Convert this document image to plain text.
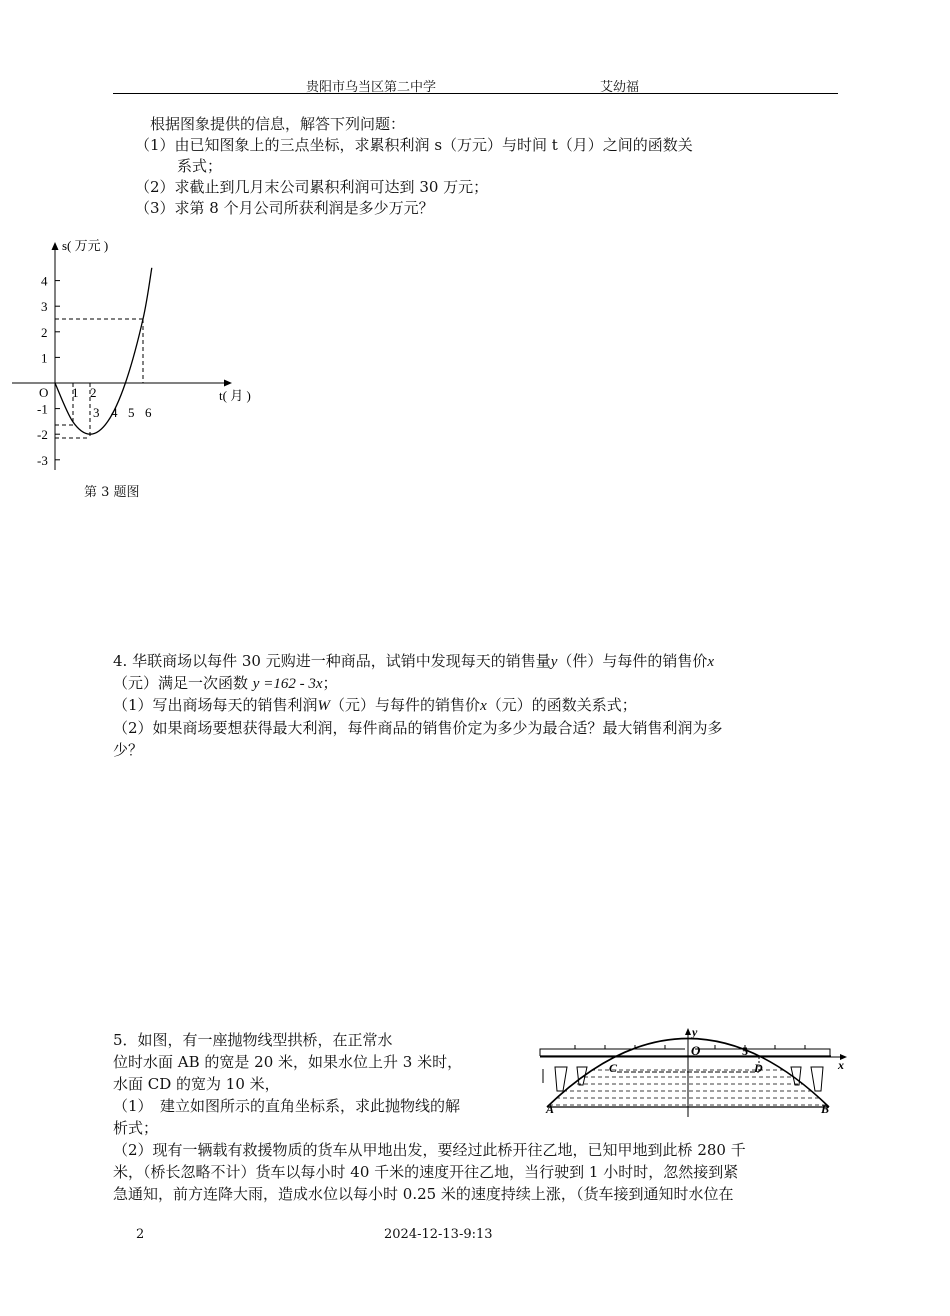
贵阳市乌当区第二中学	艾幼福
根据图象提供的信息，解答下列问题：
（1）由已知图象上的三点坐标，求累积利润 s（万元）与时间 t（月）之间的函数关
系式；
（2）求截止到几月末公司累积利润可达到 30 万元；
（3）求第 8 个月公司所获利润是多少万元？
s( 万元 )
t( 月 )
O
4
3
2
1
-1
-2
-3
1 2
3 4 5 6
第 3 题图
4. 华联商场以每件 30 元购进一种商品，试销中发现每天的销售量y（件）与每件的销售价x
（元）满足一次函数 y =162 - 3x；
（1）写出商场每天的销售利润W（元）与每件的销售价x（元）的函数关系式；
（2）如果商场要想获得最大利润，每件商品的销售价定为多少为最合适？最大销售利润为多
少？
5．如图，有一座抛物线型拱桥，在正常水
位时水面 AB 的宽是 20 米，如果水位上升 3 米时，
水面 CD 的宽为 10 米，
（1）　建立如图所示的直角坐标系，求此抛物线的解
析式；
（2）现有一辆载有救援物质的货车从甲地出发，要经过此桥开往乙地，已知甲地到此桥 280 千
米，（桥长忽略不计）货车以每小时 40 千米的速度开往乙地，当行驶到 1 小时时，忽然接到紧
急通知，前方连降大雨，造成水位以每小时 0.25 米的速度持续上涨，（货车接到通知时水位在
y
x
O	5
C	D
A	B
2	2024-12-13-9:13
